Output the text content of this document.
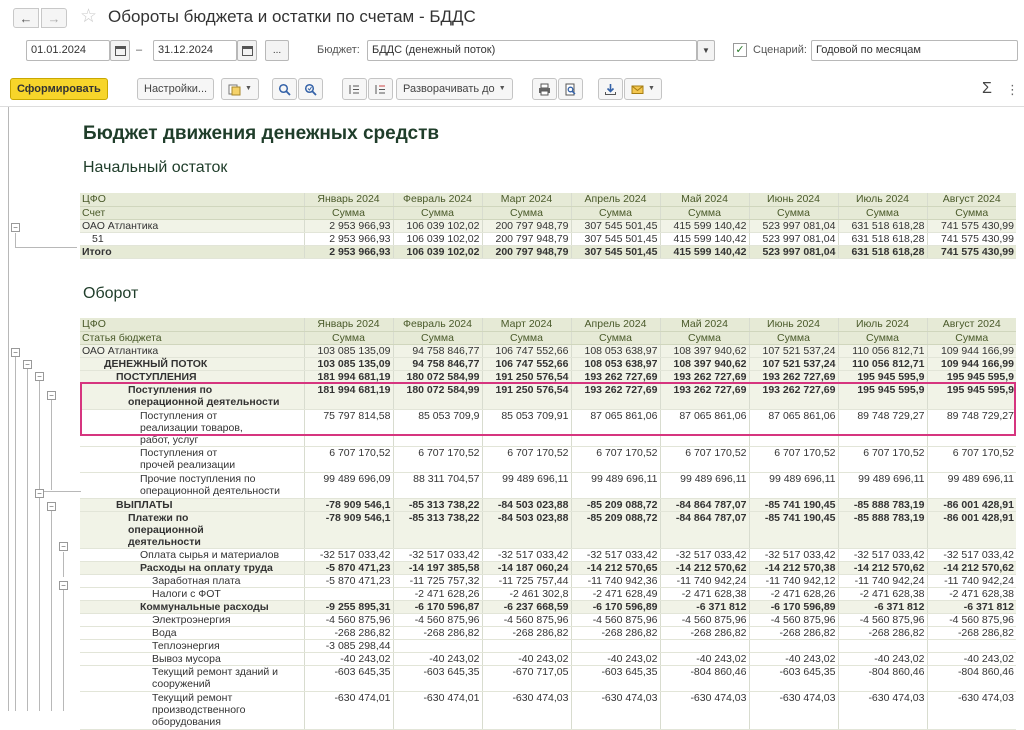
← → ☆ Обороты бюджета и остатки по счетам - БДДС
01.01.2024	–	31.12.2024	...	Бюджет:	БДДС (денежный поток)	▼ ✓ Сценарий: Годовой по месяцам
Сформировать	Настройки...	▼	Разворачивать до ▼	▼	Σ ⋮
−
−
−
−
−
−
−
−
−
Бюджет движения денежных средств
Начальный остаток
ЦФО	Январь 2024	Февраль 2024	Март 2024	Апрель 2024	Май 2024	Июнь 2024	Июль 2024	Август 2024
Счет	Сумма	Сумма	Сумма	Сумма	Сумма	Сумма	Сумма	Сумма
ОАО Атлантика	2 953 966,93	106 039 102,02	200 797 948,79	307 545 501,45	415 599 140,42	523 997 081,04	631 518 618,28	741 575 430,99
51	2 953 966,93	106 039 102,02	200 797 948,79	307 545 501,45	415 599 140,42	523 997 081,04	631 518 618,28	741 575 430,99
Итого	2 953 966,93	106 039 102,02	200 797 948,79	307 545 501,45	415 599 140,42	523 997 081,04	631 518 618,28	741 575 430,99
Оборот
ЦФО	Январь 2024	Февраль 2024	Март 2024	Апрель 2024	Май 2024	Июнь 2024	Июль 2024	Август 2024
Статья бюджета	Сумма	Сумма	Сумма	Сумма	Сумма	Сумма	Сумма	Сумма
ОАО Атлантика	103 085 135,09	94 758 846,77	106 747 552,66	108 053 638,97	108 397 940,62	107 521 537,24	110 056 812,71	109 944 166,99
ДЕНЕЖНЫЙ ПОТОК	103 085 135,09	94 758 846,77	106 747 552,66	108 053 638,97	108 397 940,62	107 521 537,24	110 056 812,71	109 944 166,99
ПОСТУПЛЕНИЯ	181 994 681,19	180 072 584,99	191 250 576,54	193 262 727,69	193 262 727,69	193 262 727,69	195 945 595,9	195 945 595,9
Поступления по операционной деятельности	181 994 681,19	180 072 584,99	191 250 576,54	193 262 727,69	193 262 727,69	193 262 727,69	195 945 595,9	195 945 595,9
Поступления от реализации товаров, работ, услуг	75 797 814,58	85 053 709,9	85 053 709,91	87 065 861,06	87 065 861,06	87 065 861,06	89 748 729,27	89 748 729,27
Поступления от прочей реализации	6 707 170,52	6 707 170,52	6 707 170,52	6 707 170,52	6 707 170,52	6 707 170,52	6 707 170,52	6 707 170,52
Прочие поступления по операционной деятельности	99 489 696,09	88 311 704,57	99 489 696,11	99 489 696,11	99 489 696,11	99 489 696,11	99 489 696,11	99 489 696,11
ВЫПЛАТЫ	-78 909 546,1	-85 313 738,22	-84 503 023,88	-85 209 088,72	-84 864 787,07	-85 741 190,45	-85 888 783,19	-86 001 428,91
Платежи по операционной деятельности	-78 909 546,1	-85 313 738,22	-84 503 023,88	-85 209 088,72	-84 864 787,07	-85 741 190,45	-85 888 783,19	-86 001 428,91
Оплата сырья и материалов	-32 517 033,42	-32 517 033,42	-32 517 033,42	-32 517 033,42	-32 517 033,42	-32 517 033,42	-32 517 033,42	-32 517 033,42
Расходы на оплату труда	-5 870 471,23	-14 197 385,58	-14 187 060,24	-14 212 570,65	-14 212 570,62	-14 212 570,38	-14 212 570,62	-14 212 570,62
Заработная плата	-5 870 471,23	-11 725 757,32	-11 725 757,44	-11 740 942,36	-11 740 942,24	-11 740 942,12	-11 740 942,24	-11 740 942,24
Налоги с ФОТ		-2 471 628,26	-2 461 302,8	-2 471 628,49	-2 471 628,38	-2 471 628,26	-2 471 628,38	-2 471 628,38
Коммунальные расходы	-9 255 895,31	-6 170 596,87	-6 237 668,59	-6 170 596,89	-6 371 812	-6 170 596,89	-6 371 812	-6 371 812
Электроэнергия	-4 560 875,96	-4 560 875,96	-4 560 875,96	-4 560 875,96	-4 560 875,96	-4 560 875,96	-4 560 875,96	-4 560 875,96
Вода	-268 286,82	-268 286,82	-268 286,82	-268 286,82	-268 286,82	-268 286,82	-268 286,82	-268 286,82
Теплоэнергия	-3 085 298,44							
Вывоз мусора	-40 243,02	-40 243,02	-40 243,02	-40 243,02	-40 243,02	-40 243,02	-40 243,02	-40 243,02
Текущий ремонт зданий и сооружений	-603 645,35	-603 645,35	-670 717,05	-603 645,35	-804 860,46	-603 645,35	-804 860,46	-804 860,46
Текущий ремонт производственного оборудования	-630 474,01	-630 474,01	-630 474,03	-630 474,03	-630 474,03	-630 474,03	-630 474,03	-630 474,03
